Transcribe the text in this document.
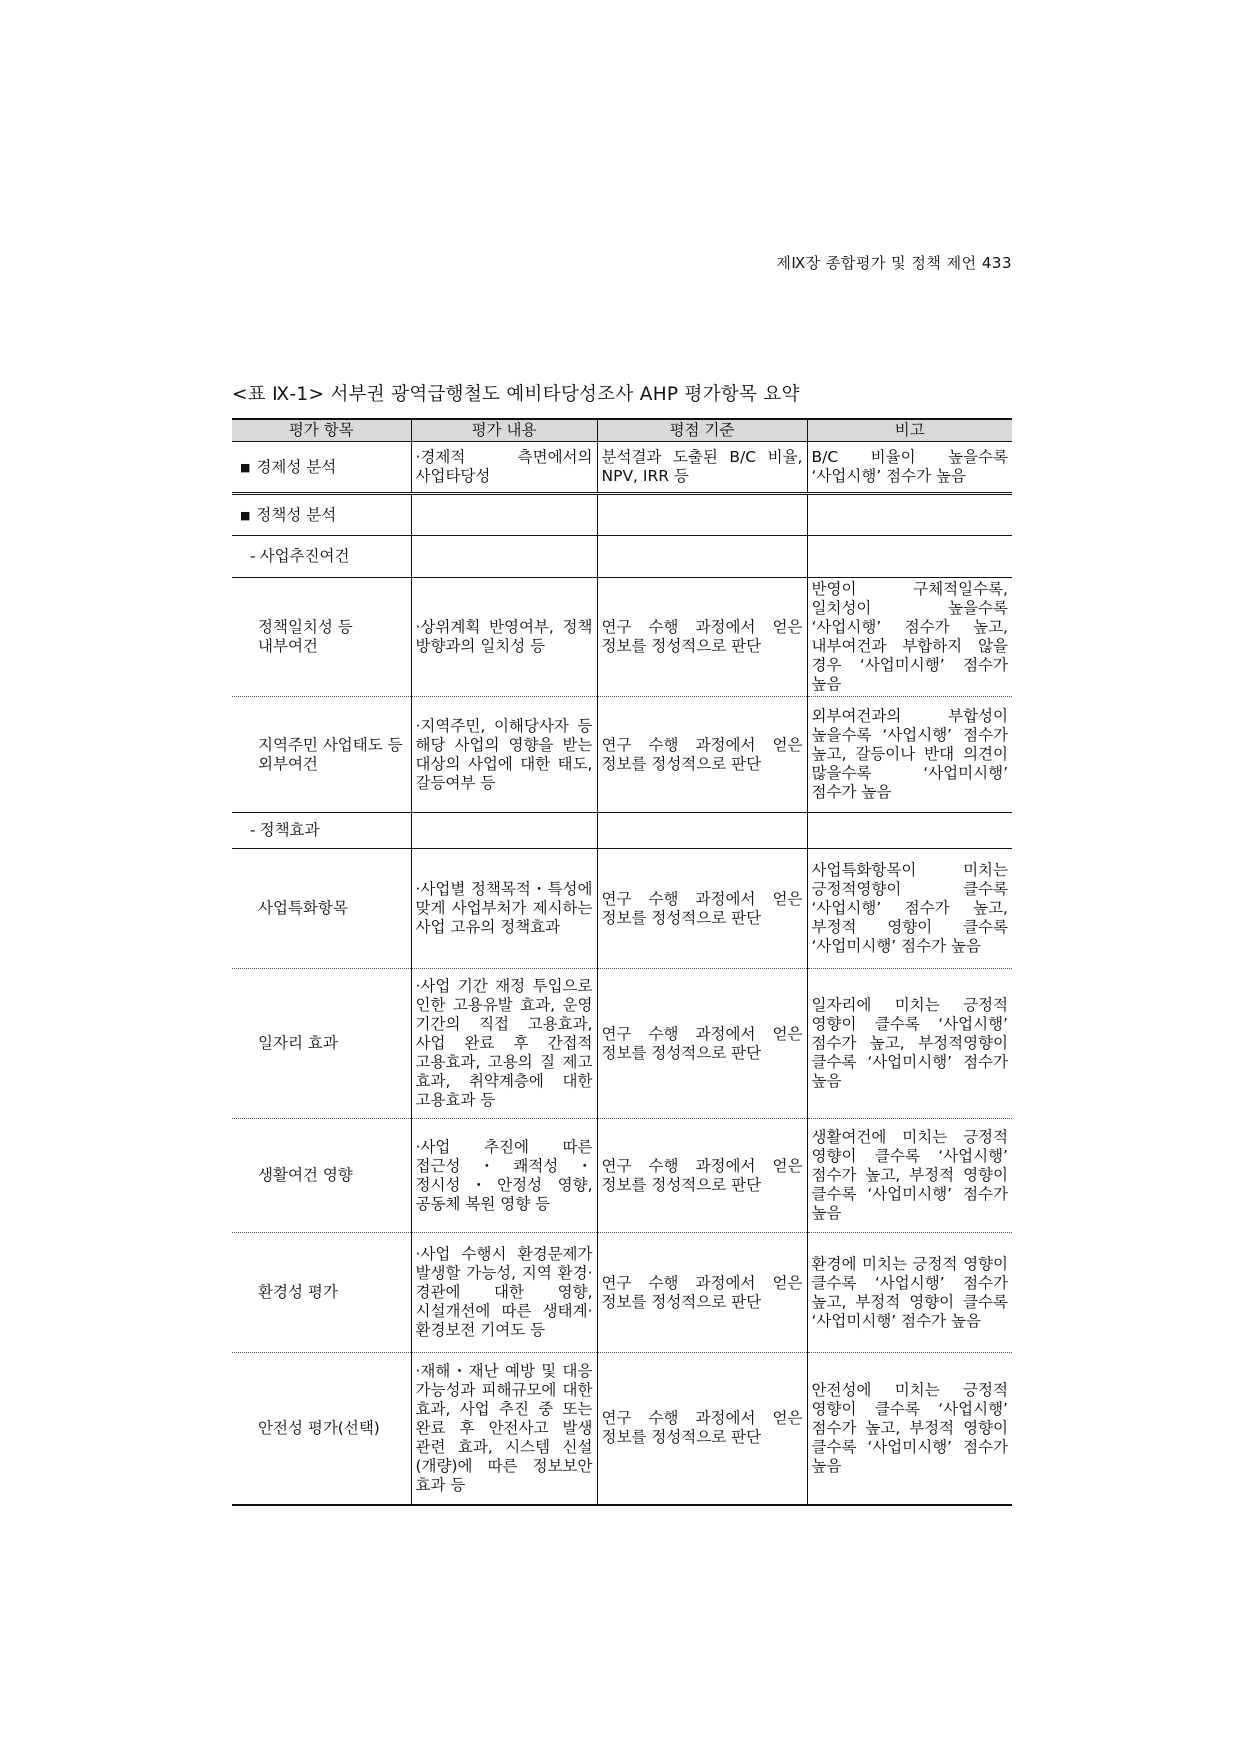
제Ⅸ장 종합평가 및 정책 제언 433
<표 Ⅸ-1> 서부권 광역급행철도 예비타당성조사 AHP 평가항목 요약
평가 항목	평가 내용	평점 기준	비고
■ 경제성 분석	·경제적 측면에서의 사업타당성	분석결과 도출된 B/C 비율, NPV, IRR 등	B/C 비율이 높을수록 ‘사업시행’ 점수가 높음
■ 정책성 분석			
- 사업추진여건			
정책일치성 등 내부여건	·상위계획 반영여부, 정책 방향과의 일치성 등	연구 수행 과정에서 얻은 정보를 정성적으로 판단	반영이 구체적일수록, 일치성이 높을수록 ‘사업시행’ 점수가 높고, 내부여건과 부합하지 않을 경우 ‘사업미시행’ 점수가 높음
지역주민 사업태도 등 외부여건	·지역주민, 이해당사자 등 해당 사업의 영향을 받는 대상의 사업에 대한 태도, 갈등여부 등	연구 수행 과정에서 얻은 정보를 정성적으로 판단	외부여건과의 부합성이 높을수록 ‘사업시행’ 점수가 높고, 갈등이나 반대 의견이 많을수록 ‘사업미시행’ 점수가 높음
- 정책효과			
사업특화항목	·사업별 정책목적・특성에 맞게 사업부처가 제시하는 사업 고유의 정책효과	연구 수행 과정에서 얻은 정보를 정성적으로 판단	사업특화항목이 미치는 긍정적영향이 클수록 ‘사업시행’ 점수가 높고, 부정적 영향이 클수록 ‘사업미시행’ 점수가 높음
일자리 효과	·사업 기간 재정 투입으로 인한 고용유발 효과, 운영 기간의 직접 고용효과, 사업 완료 후 간접적 고용효과, 고용의 질 제고 효과, 취약계층에 대한 고용효과 등	연구 수행 과정에서 얻은 정보를 정성적으로 판단	일자리에 미치는 긍정적 영향이 클수록 ‘사업시행’ 점수가 높고, 부정적영향이 클수록 ‘사업미시행’ 점수가 높음
생활여건 영향	·사업 추진에 따른 접근성・쾌적성・정시성・안정성 영향, 공동체 복원 영향 등	연구 수행 과정에서 얻은 정보를 정성적으로 판단	생활여건에 미치는 긍정적 영향이 클수록 ‘사업시행’ 점수가 높고, 부정적 영향이 클수록 ‘사업미시행’ 점수가 높음
환경성 평가	·사업 수행시 환경문제가 발생할 가능성, 지역 환경·경관에 대한 영향, 시설개선에 따른 생태계·환경보전 기여도 등	연구 수행 과정에서 얻은 정보를 정성적으로 판단	환경에 미치는 긍정적 영향이 클수록 ‘사업시행’ 점수가 높고, 부정적 영향이 클수록 ‘사업미시행’ 점수가 높음
안전성 평가(선택)	·재해・재난 예방 및 대응 가능성과 피해규모에 대한 효과, 사업 추진 중 또는 완료 후 안전사고 발생 관련 효과, 시스템 신설(개량)에 따른 정보보안 효과 등	연구 수행 과정에서 얻은 정보를 정성적으로 판단	안전성에 미치는 긍정적 영향이 클수록 ‘사업시행’ 점수가 높고, 부정적 영향이 클수록 ‘사업미시행’ 점수가 높음
